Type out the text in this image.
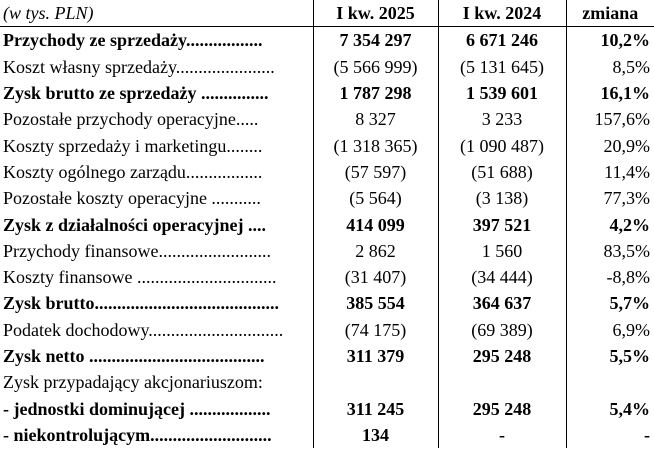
(w tys. PLN)	I kw. 2025	I kw. 2024	zmiana
Przychody ze sprzedaży.................	7 354 297	6 671 246	10,2%
Koszt własny sprzedaży......................	(5 566 999)	(5 131 645)	8,5%
Zysk brutto ze sprzedaży ...............	1 787 298	1 539 601	16,1%
Pozostałe przychody operacyjne.....	8 327	3 233	157,6%
Koszty sprzedaży i marketingu........	(1 318 365)	(1 090 487)	20,9%
Koszty ogólnego zarządu.................	(57 597)	(51 688)	11,4%
Pozostałe koszty operacyjne ...........	(5 564)	(3 138)	77,3%
Zysk z działalności operacyjnej ....	414 099	397 521	4,2%
Przychody finansowe.........................	2 862	1 560	83,5%
Koszty finansowe ...............................	(31 407)	(34 444)	-8,8%
Zysk brutto.........................................	385 554	364 637	5,7%
Podatek dochodowy..............................	(74 175)	(69 389)	6,9%
Zysk netto .......................................	311 379	295 248	5,5%
Zysk przypadający akcjonariuszom:			
- jednostki dominującej ..................	311 245	295 248	5,4%
- niekontrolującym...........................	134	-	-
